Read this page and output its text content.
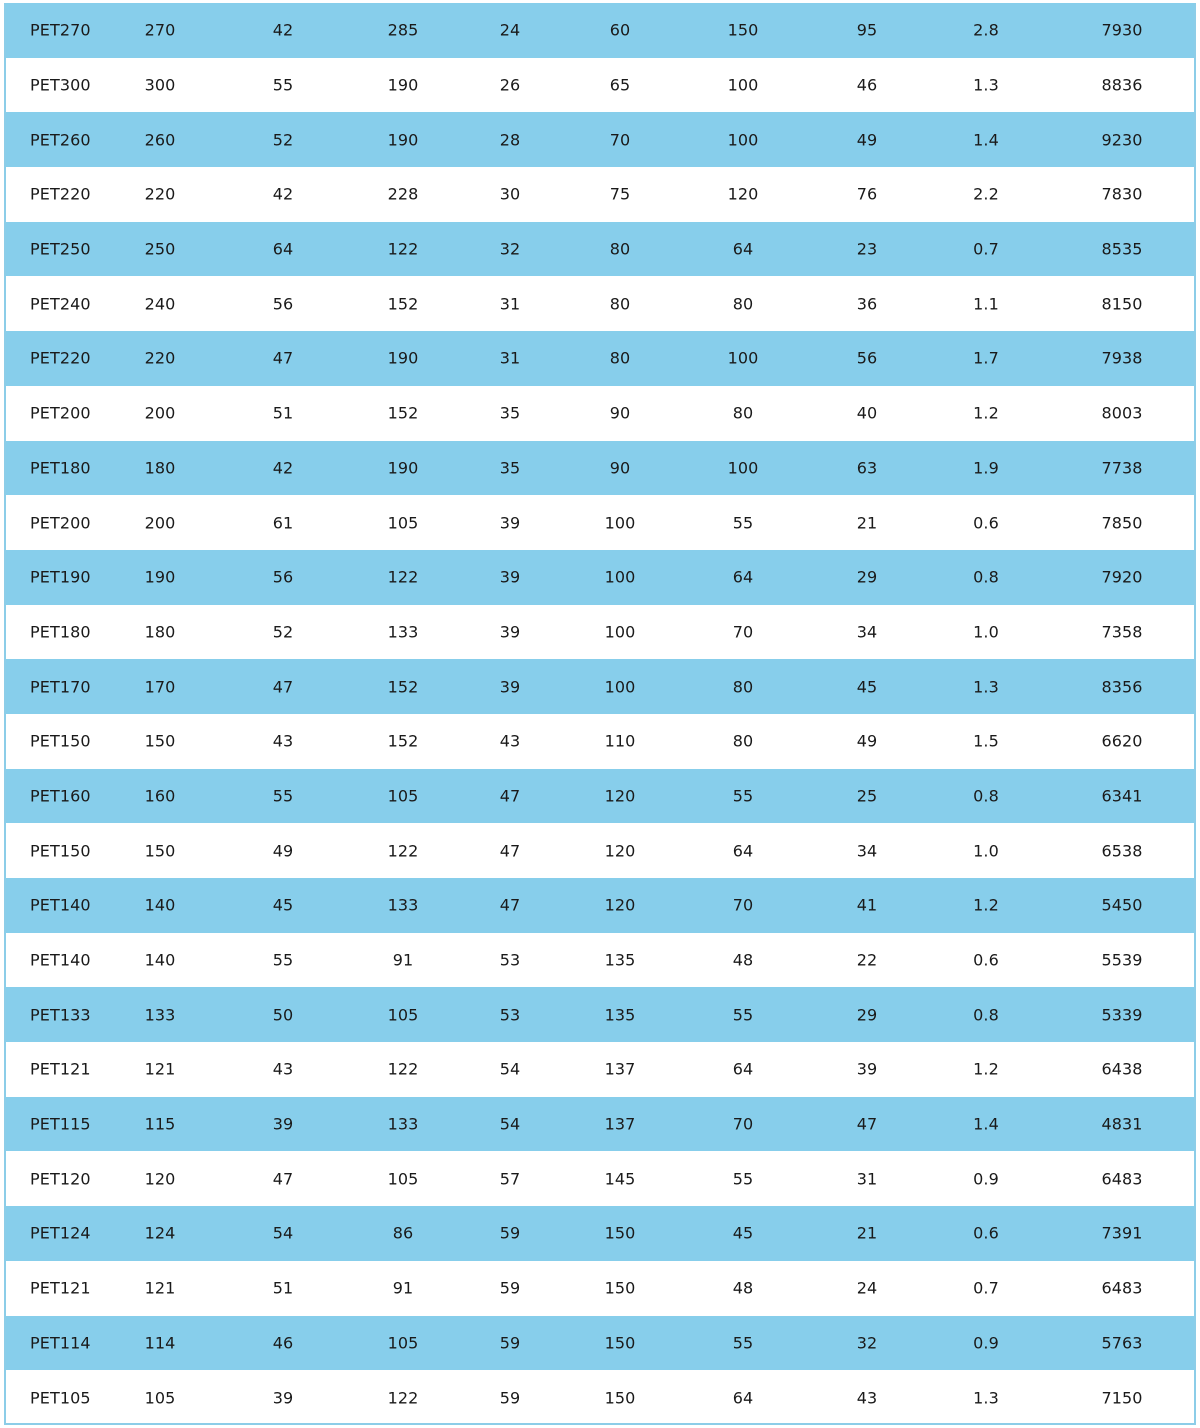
PET270	270	42	285	24	60	150	95	2.8	7930
PET300	300	55	190	26	65	100	46	1.3	8836
PET260	260	52	190	28	70	100	49	1.4	9230
PET220	220	42	228	30	75	120	76	2.2	7830
PET250	250	64	122	32	80	64	23	0.7	8535
PET240	240	56	152	31	80	80	36	1.1	8150
PET220	220	47	190	31	80	100	56	1.7	7938
PET200	200	51	152	35	90	80	40	1.2	8003
PET180	180	42	190	35	90	100	63	1.9	7738
PET200	200	61	105	39	100	55	21	0.6	7850
PET190	190	56	122	39	100	64	29	0.8	7920
PET180	180	52	133	39	100	70	34	1.0	7358
PET170	170	47	152	39	100	80	45	1.3	8356
PET150	150	43	152	43	110	80	49	1.5	6620
PET160	160	55	105	47	120	55	25	0.8	6341
PET150	150	49	122	47	120	64	34	1.0	6538
PET140	140	45	133	47	120	70	41	1.2	5450
PET140	140	55	91	53	135	48	22	0.6	5539
PET133	133	50	105	53	135	55	29	0.8	5339
PET121	121	43	122	54	137	64	39	1.2	6438
PET115	115	39	133	54	137	70	47	1.4	4831
PET120	120	47	105	57	145	55	31	0.9	6483
PET124	124	54	86	59	150	45	21	0.6	7391
PET121	121	51	91	59	150	48	24	0.7	6483
PET114	114	46	105	59	150	55	32	0.9	5763
PET105	105	39	122	59	150	64	43	1.3	7150
